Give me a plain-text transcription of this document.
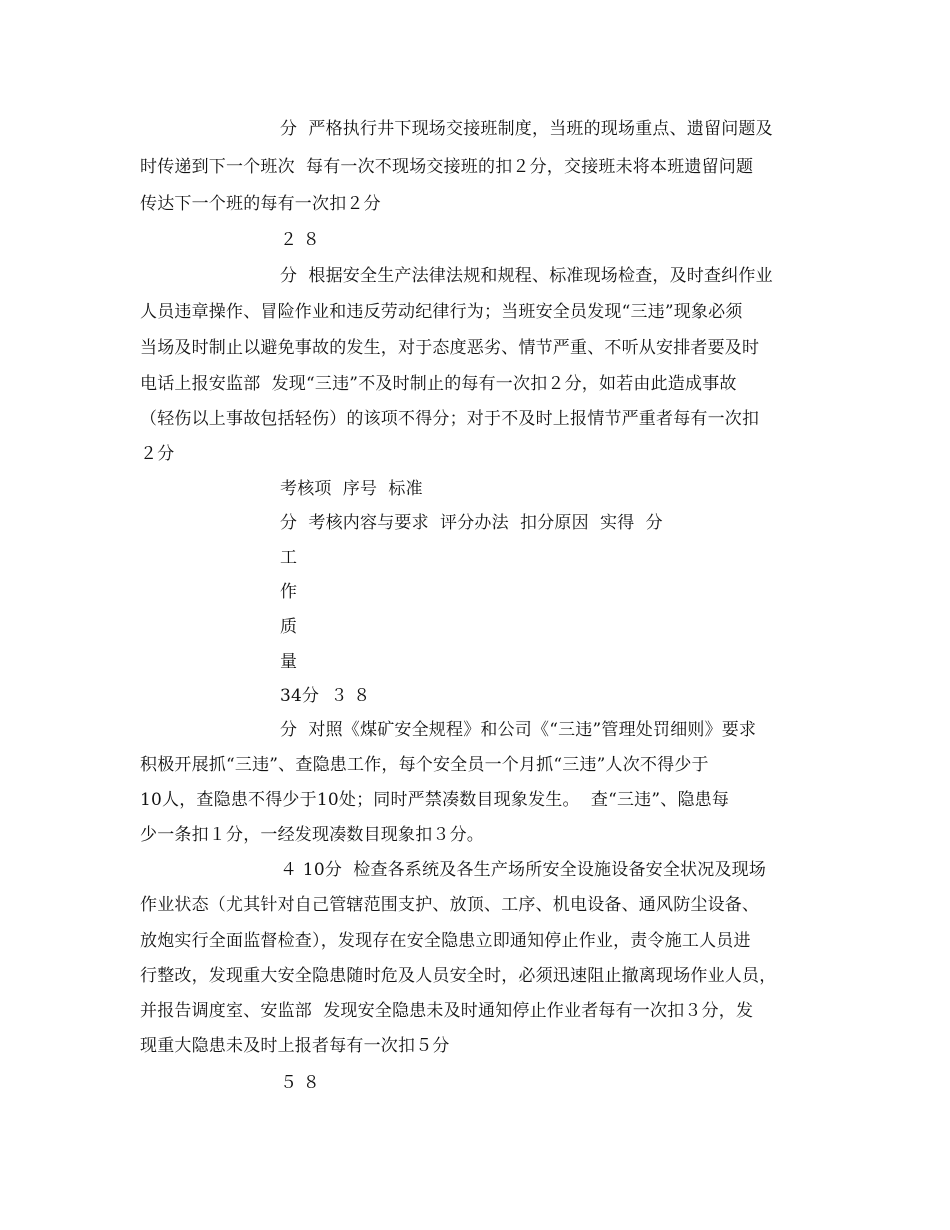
分  严格执行井下现场交接班制度，当班的现场重点、遗留问题及
时传递到下一个班次  每有一次不现场交接班的扣２分，交接班未将本班遗留问题
传达下一个班的每有一次扣２分
２ ８
分  根据安全生产法律法规和规程、标准现场检查，及时查纠作业
人员违章操作、冒险作业和违反劳动纪律行为；当班安全员发现“三违”现象必须
当场及时制止以避免事故的发生，对于态度恶劣、情节严重、不听从安排者要及时
电话上报安监部  发现“三违”不及时制止的每有一次扣２分，如若由此造成事故
（轻伤以上事故包括轻伤）的该项不得分；对于不及时上报情节严重者每有一次扣
２分
考核项  序号  标准
分  考核内容与要求  评分办法  扣分原因  实得  分
工
作
质
量
34分  ３ ８
分  对照《煤矿安全规程》和公司《“三违”管理处罚细则》要求
积极开展抓“三违”、查隐患工作，每个安全员一个月抓“三违”人次不得少于
10人，查隐患不得少于10处；同时严禁凑数目现象发生。  查“三违”、隐患每
少一条扣１分，一经发现凑数目现象扣３分。
４ 10分  检查各系统及各生产场所安全设施设备安全状况及现场
作业状态（尤其针对自己管辖范围支护、放顶、工序、机电设备、通风防尘设备、
放炮实行全面监督检查），发现存在安全隐患立即通知停止作业，责令施工人员进
行整改，发现重大安全隐患随时危及人员安全时，必须迅速阻止撤离现场作业人员，
并报告调度室、安监部  发现安全隐患未及时通知停止作业者每有一次扣３分，发
现重大隐患未及时上报者每有一次扣５分
５ ８
